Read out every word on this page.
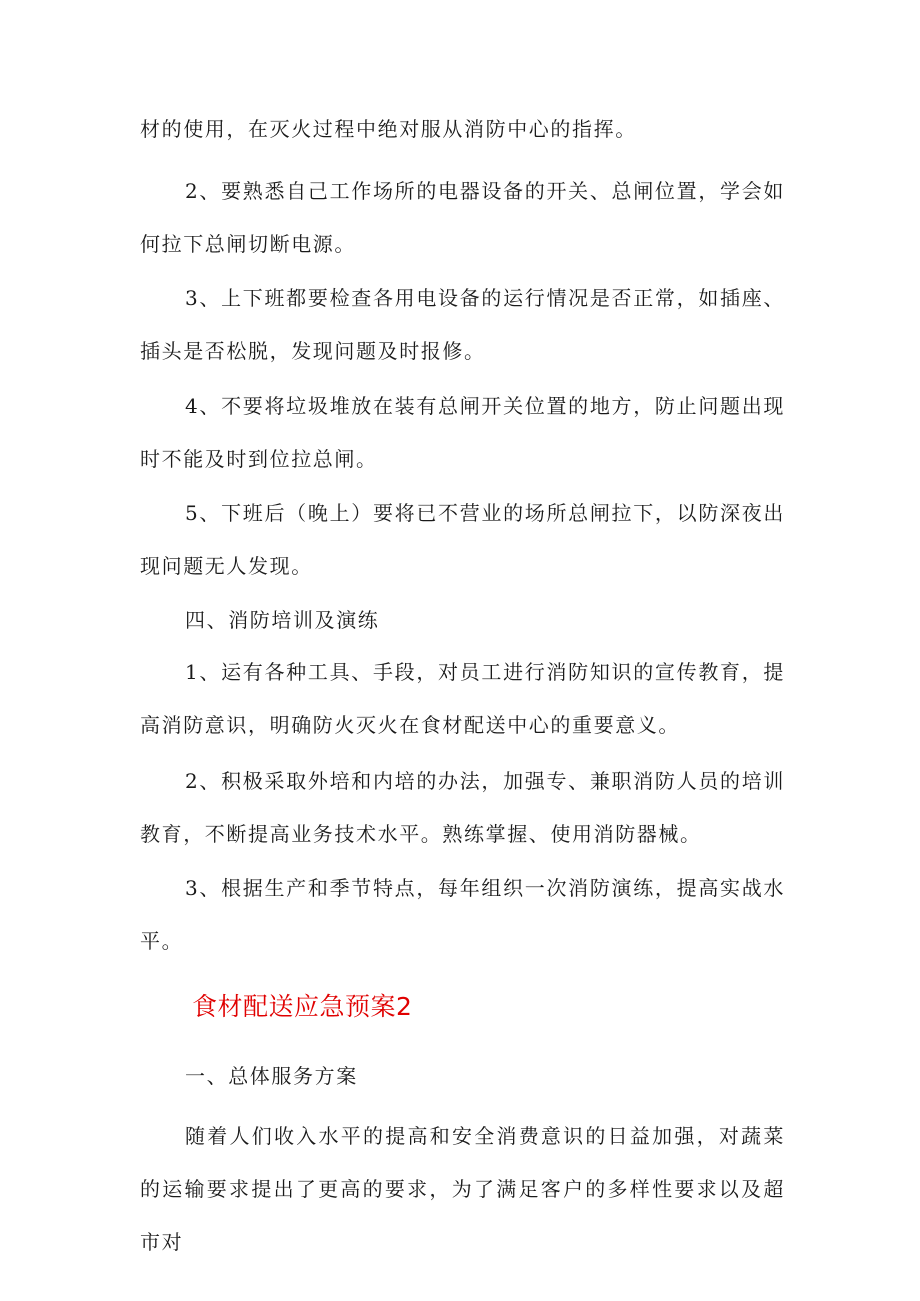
材的使用，在灭火过程中绝对服从消防中心的指挥。

2、要熟悉自己工作场所的电器设备的开关、总闸位置，学会如何拉下总闸切断电源。

3、上下班都要检查各用电设备的运行情况是否正常，如插座、插头是否松脱，发现问题及时报修。

4、不要将垃圾堆放在装有总闸开关位置的地方，防止问题出现时不能及时到位拉总闸。

5、下班后（晚上）要将已不营业的场所总闸拉下，以防深夜出现问题无人发现。

四、消防培训及演练

1、运有各种工具、手段，对员工进行消防知识的宣传教育，提高消防意识，明确防火灭火在食材配送中心的重要意义。

2、积极采取外培和内培的办法，加强专、兼职消防人员的培训教育，不断提高业务技术水平。熟练掌握、使用消防器械。

3、根据生产和季节特点，每年组织一次消防演练，提高实战水平。

食材配送应急预案2

一、总体服务方案

随着人们收入水平的提高和安全消费意识的日益加强，对蔬菜的运输要求提出了更高的要求，为了满足客户的多样性要求以及超市对
